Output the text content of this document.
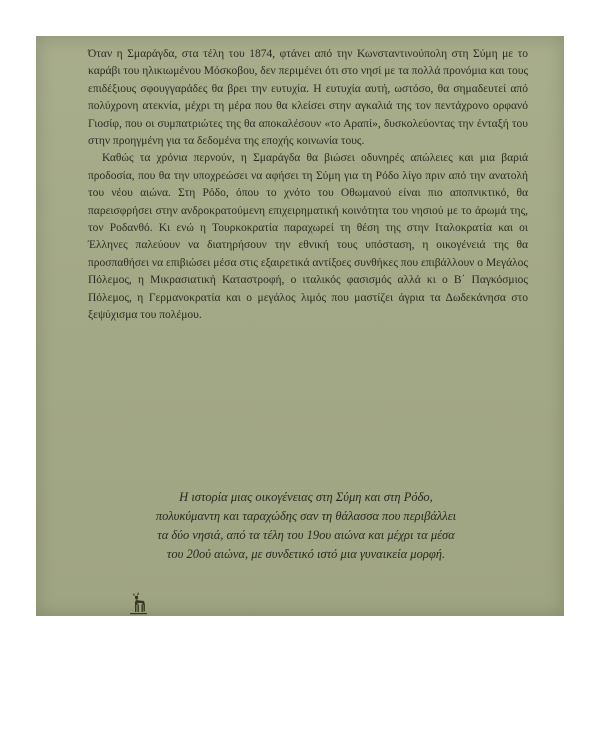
Όταν η Σμαράγδα, στα τέλη του 1874, φτάνει από την Κωνσταντινούπολη στη Σύμη με το καράβι του ηλικιωμένου Μόσκοβου, δεν περιμένει ότι στο νησί με τα πολλά προνόμια και τους επιδέξιους σφουγγαράδες θα βρει την ευτυχία. Η ευτυχία αυτή, ωστόσο, θα σημαδευτεί από πολύχρονη ατεκνία, μέχρι τη μέρα που θα κλείσει στην αγκαλιά της τον πεντάχρονο ορφανό Γιοσίφ, που οι συμπατριώτες της θα αποκαλέσουν «το Αραπί», δυσκολεύοντας την ένταξή του στην προηγμένη για τα δεδομένα της εποχής κοινωνία τους.

Καθώς τα χρόνια περνούν, η Σμαράγδα θα βιώσει οδυνηρές απώλειες και μια βαριά προδοσία, που θα την υποχρεώσει να αφήσει τη Σύμη για τη Ρόδο λίγο πριν από την ανατολή του νέου αιώνα. Στη Ρόδο, όπου το χνότο του Οθωμανού είναι πιο αποπνικτικό, θα παρεισφρήσει στην ανδροκρατούμενη επιχειρηματική κοινότητα του νησιού με το άρωμά της, τον Ροδανθό. Κι ενώ η Τουρκοκρατία παραχωρεί τη θέση της στην Ιταλοκρατία και οι Έλληνες παλεύουν να διατηρήσουν την εθνική τους υπόσταση, η οικογένειά της θα προσπαθήσει να επιβιώσει μέσα στις εξαιρετικά αντίξοες συνθήκες που επιβάλλουν ο Μεγάλος Πόλεμος, η Μικρασιατική Καταστροφή, ο ιταλικός φασισμός αλλά κι ο Β΄ Παγκόσμιος Πόλεμος, η Γερμανοκρατία και ο μεγάλος λιμός που μαστίζει άγρια τα Δωδεκάνησα στο ξεψύχισμα του πολέμου.

Η ιστορία μιας οικογένειας στη Σύμη και στη Ρόδο,
πολυκύμαντη και ταραχώδης σαν τη θάλασσα που περιβάλλει
τα δύο νησιά, από τα τέλη του 19ου αιώνα και μέχρι τα μέσα
του 20ού αιώνα, με συνδετικό ιστό μια γυναικεία μορφή.
